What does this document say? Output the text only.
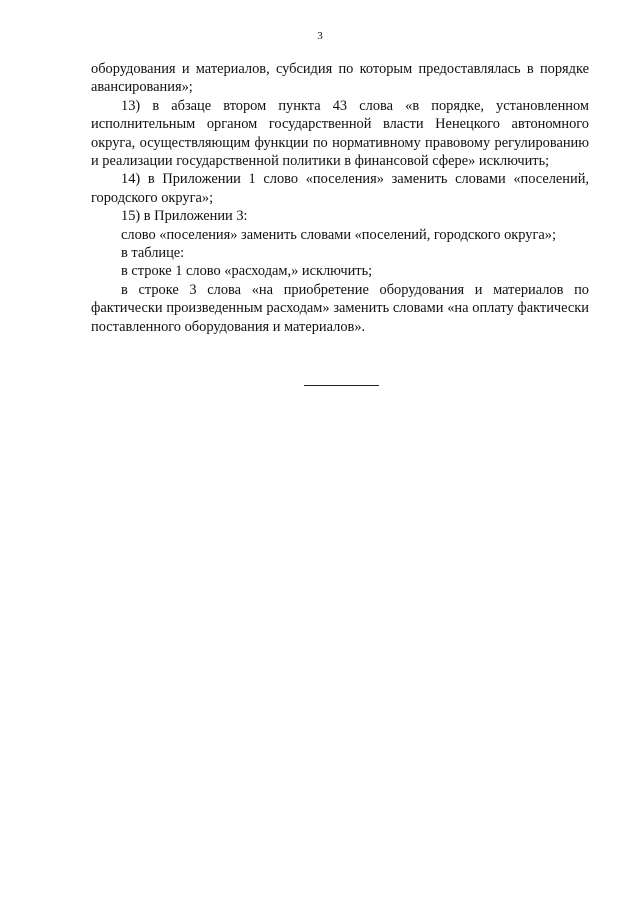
3

оборудования и материалов, субсидия по которым предоставлялась в порядке авансирования»;

13) в абзаце втором пункта 43 слова «в порядке, установленном исполнительным органом государственной власти Ненецкого автономного округа, осуществляющим функции по нормативному правовому регулированию и реализации государственной политики в финансовой сфере» исключить;

14) в Приложении 1 слово «поселения» заменить словами «поселений, городского округа»;

15) в Приложении 3:

слово «поселения» заменить словами «поселений, городского округа»;

в таблице:

в строке 1 слово «расходам,» исключить;

в строке 3 слова «на приобретение оборудования и материалов по фактически произведенным расходам» заменить словами «на оплату фактически поставленного оборудования и материалов».
